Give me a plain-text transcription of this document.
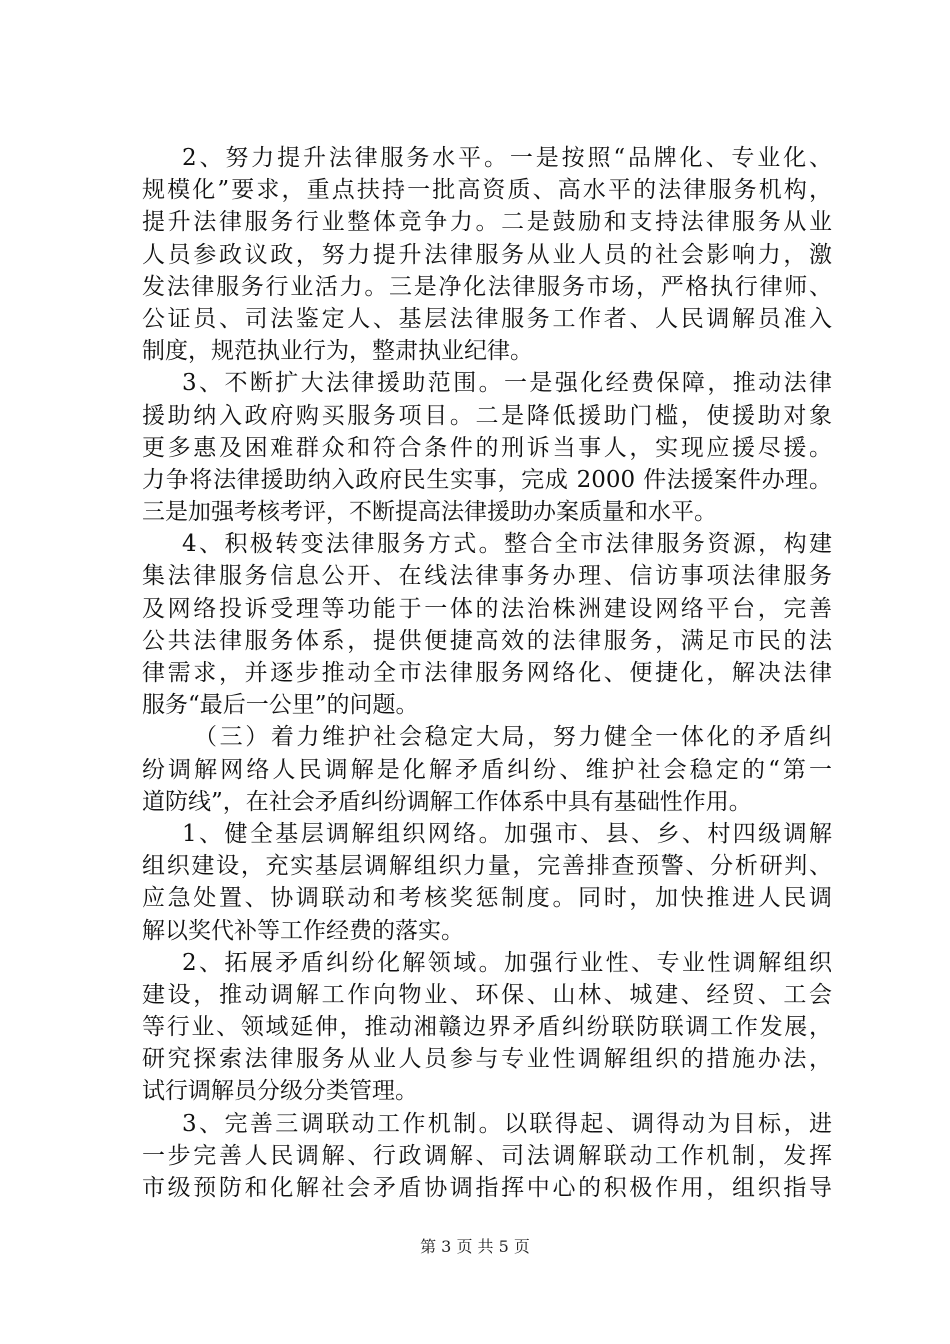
2、努力提升法律服务水平。一是按照“品牌化、专业化、
规模化”要求，重点扶持一批高资质、高水平的法律服务机构，
提升法律服务行业整体竞争力。二是鼓励和支持法律服务从业
人员参政议政，努力提升法律服务从业人员的社会影响力，激
发法律服务行业活力。三是净化法律服务市场，严格执行律师、
公证员、司法鉴定人、基层法律服务工作者、人民调解员准入
制度，规范执业行为，整肃执业纪律。
3、不断扩大法律援助范围。一是强化经费保障，推动法律
援助纳入政府购买服务项目。二是降低援助门槛，使援助对象
更多惠及困难群众和符合条件的刑诉当事人，实现应援尽援。
力争将法律援助纳入政府民生实事，完成 2000 件法援案件办理。
三是加强考核考评，不断提高法律援助办案质量和水平。
4、积极转变法律服务方式。整合全市法律服务资源，构建
集法律服务信息公开、在线法律事务办理、信访事项法律服务
及网络投诉受理等功能于一体的法治株洲建设网络平台，完善
公共法律服务体系，提供便捷高效的法律服务，满足市民的法
律需求，并逐步推动全市法律服务网络化、便捷化，解决法律
服务“最后一公里”的问题。
（三）着力维护社会稳定大局，努力健全一体化的矛盾纠
纷调解网络人民调解是化解矛盾纠纷、维护社会稳定的“第一
道防线”，在社会矛盾纠纷调解工作体系中具有基础性作用。
1、健全基层调解组织网络。加强市、县、乡、村四级调解
组织建设，充实基层调解组织力量，完善排查预警、分析研判、
应急处置、协调联动和考核奖惩制度。同时，加快推进人民调
解以奖代补等工作经费的落实。
2、拓展矛盾纠纷化解领域。加强行业性、专业性调解组织
建设，推动调解工作向物业、环保、山林、城建、经贸、工会
等行业、领域延伸，推动湘赣边界矛盾纠纷联防联调工作发展，
研究探索法律服务从业人员参与专业性调解组织的措施办法，
试行调解员分级分类管理。
3、完善三调联动工作机制。以联得起、调得动为目标，进
一步完善人民调解、行政调解、司法调解联动工作机制，发挥
市级预防和化解社会矛盾协调指挥中心的积极作用，组织指导
第 3 页 共 5 页
